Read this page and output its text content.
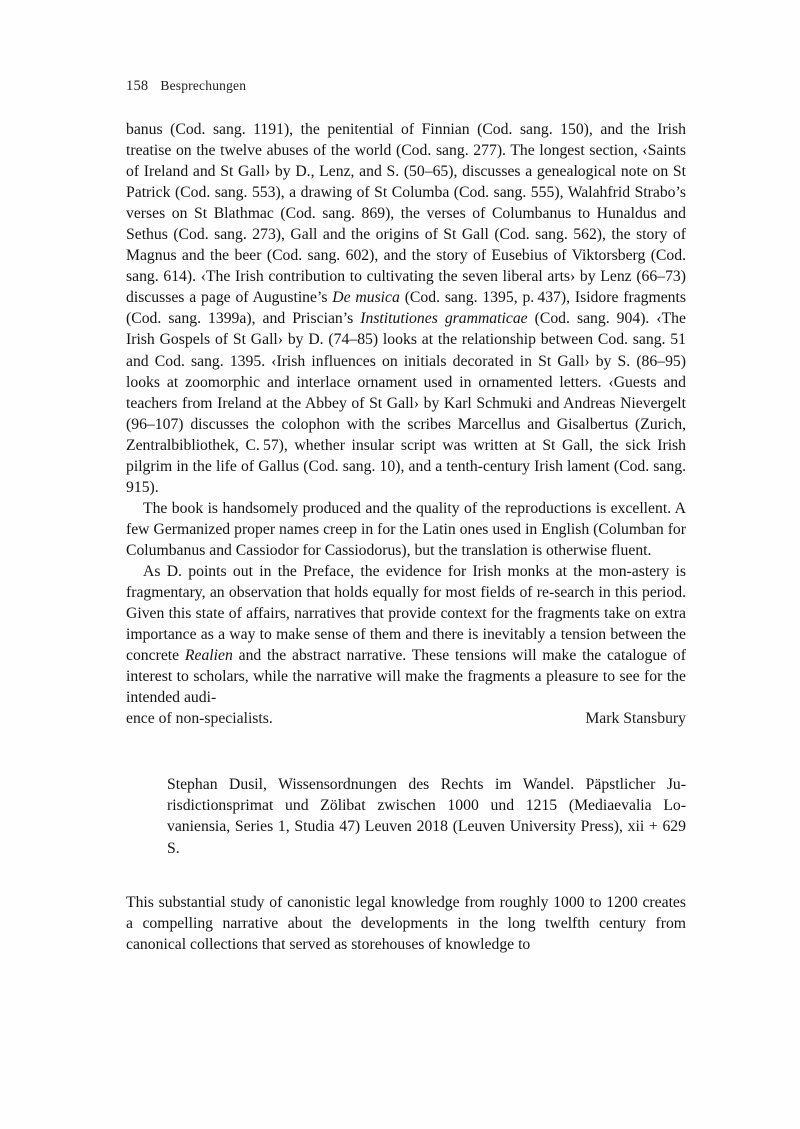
158 Besprechungen

banus (Cod. sang. 1191), the penitential of Finnian (Cod. sang. 150), and the Irish treatise on the twelve abuses of the world (Cod. sang. 277). The longest section, ‹Saints of Ireland and St Gall› by D., Lenz, and S. (50–65), discusses a genealogical note on St Patrick (Cod. sang. 553), a drawing of St Columba (Cod. sang. 555), Walahfrid Strabo’s verses on St Blathmac (Cod. sang. 869), the verses of Columbanus to Hunaldus and Sethus (Cod. sang. 273), Gall and the origins of St Gall (Cod. sang. 562), the story of Magnus and the beer (Cod. sang. 602), and the story of Eusebius of Viktorsberg (Cod. sang. 614). ‹The Irish contribution to cultivating the seven liberal arts› by Lenz (66–73) discusses a page of Augustine’s De musica (Cod. sang. 1395, p. 437), Isidore fragments (Cod. sang. 1399a), and Priscian’s Institutiones grammaticae (Cod. sang. 904). ‹The Irish Gospels of St Gall› by D. (74–85) looks at the relationship between Cod. sang. 51 and Cod. sang. 1395. ‹Irish influences on initials decorated in St Gall› by S. (86–95) looks at zoomorphic and interlace ornament used in ornamented letters. ‹Guests and teachers from Ireland at the Abbey of St Gall› by Karl Schmuki and Andreas Nievergelt (96–107) discusses the colophon with the scribes Marcellus and Gisalbertus (Zurich, Zentralbibliothek, C. 57), whether insular script was written at St Gall, the sick Irish pilgrim in the life of Gallus (Cod. sang. 10), and a tenth-century Irish lament (Cod. sang. 915).

The book is handsomely produced and the quality of the reproductions is excellent. A few Germanized proper names creep in for the Latin ones used in English (Columban for Columbanus and Cassiodor for Cassiodorus), but the translation is otherwise fluent.

As D. points out in the Preface, the evidence for Irish monks at the mon-astery is fragmentary, an observation that holds equally for most fields of re-search in this period. Given this state of affairs, narratives that provide context for the fragments take on extra importance as a way to make sense of them and there is inevitably a tension between the concrete Realien and the abstract narrative. These tensions will make the catalogue of interest to scholars, while the narrative will make the fragments a pleasure to see for the intended audi-

ence of non-specialists.	Mark Stansbury

Stephan Dusil, Wissensordnungen des Rechts im Wandel. Päpstlicher Ju-risdictionsprimat und Zölibat zwischen 1000 und 1215 (Mediaevalia Lo-vaniensia, Series 1, Studia 47) Leuven 2018 (Leuven University Press), xii + 629 S.

This substantial study of canonistic legal knowledge from roughly 1000 to 1200 creates a compelling narrative about the developments in the long twelfth century from canonical collections that served as storehouses of knowledge to
